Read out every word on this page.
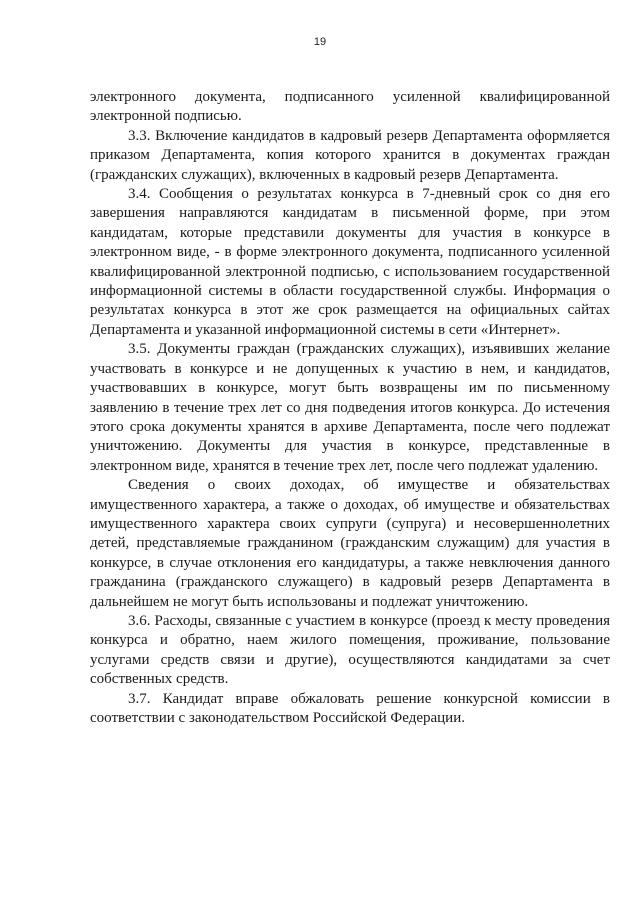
19

электронного документа, подписанного усиленной квалифицированной электронной подписью.

3.3. Включение кандидатов в кадровый резерв Департамента оформляется приказом Департамента, копия которого хранится в документах граждан (гражданских служащих), включенных в кадровый резерв Департамента.

3.4. Сообщения о результатах конкурса в 7-дневный срок со дня его завершения направляются кандидатам в письменной форме, при этом кандидатам, которые представили документы для участия в конкурсе в электронном виде, - в форме электронного документа, подписанного усиленной квалифицированной электронной подписью, с использованием государственной информационной системы в области государственной службы. Информация о результатах конкурса в этот же срок размещается на официальных сайтах Департамента и указанной информационной системы в сети «Интернет».

3.5. Документы граждан (гражданских служащих), изъявивших желание участвовать в конкурсе и не допущенных к участию в нем, и кандидатов, участвовавших в конкурсе, могут быть возвращены им по письменному заявлению в течение трех лет со дня подведения итогов конкурса. До истечения этого срока документы хранятся в архиве Департамента, после чего подлежат уничтожению. Документы для участия в конкурсе, представленные в электронном виде, хранятся в течение трех лет, после чего подлежат удалению.

Сведения о своих доходах, об имуществе и обязательствах имущественного характера, а также о доходах, об имуществе и обязательствах имущественного характера своих супруги (супруга) и несовершеннолетних детей, представляемые гражданином (гражданским служащим) для участия в конкурсе, в случае отклонения его кандидатуры, а также невключения данного гражданина (гражданского служащего) в кадровый резерв Департамента в дальнейшем не могут быть использованы и подлежат уничтожению.

3.6. Расходы, связанные с участием в конкурсе (проезд к месту проведения конкурса и обратно, наем жилого помещения, проживание, пользование услугами средств связи и другие), осуществляются кандидатами за счет собственных средств.

3.7. Кандидат вправе обжаловать решение конкурсной комиссии в соответствии с законодательством Российской Федерации.
